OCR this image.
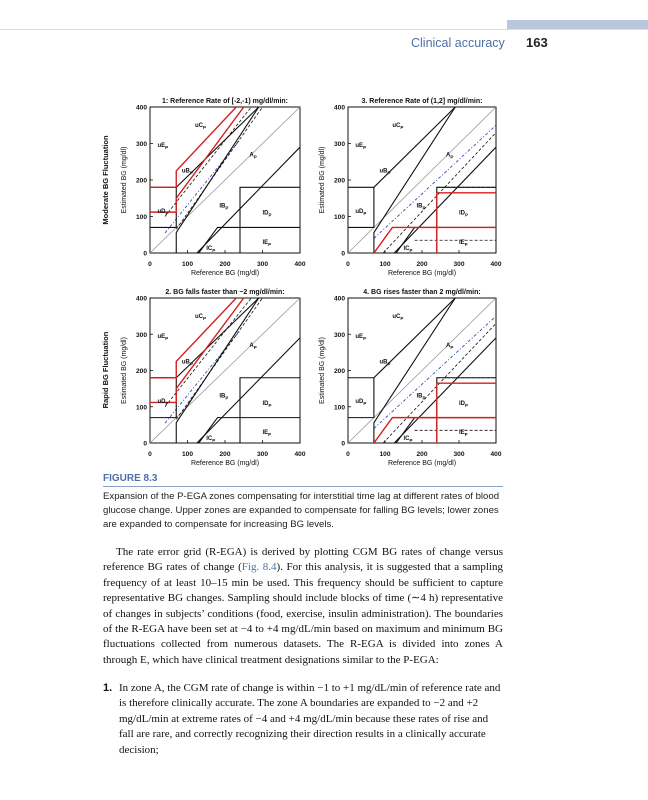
Clinical accuracy 163
1: Reference Rate of [-2,-1) mg/dl/min:
0	100	200	300	400
0
100
200
300
400
Reference BG (mg/dl)
Estimated BG (mg/dl)
$uC_P$
$uE_P$
$uB_P$
$uD_P$
$A_P$
$lB_P$
$lD_P$
$lE_P$
$lC_P$
3. Reference Rate of (1,2] mg/dl/min:
0	100	200	300	400
0
100
200
300
400
Reference BG (mg/dl)
Estimated BG (mg/dl)
$uC_P$
$uE_P$
$uB_P$
$uD_P$
$A_P$
$lB_P$
$lD_P$
$lE_P$
$lC_P$
2. BG falls faster than −2 mg/dl/min:
0	100	200	300	400
0
100
200
300
400
Reference BG (mg/dl)
Estimated BG (mg/dl)
$uC_P$
$uE_P$
$uB_P$
$uD_P$
$A_P$
$lB_P$
$lD_P$
$lE_P$
$lC_P$
4. BG rises faster than 2 mg/dl/min:
0	100	200	300	400
0
100
200
300
400
Reference BG (mg/dl)
Estimated BG (mg/dl)
$uC_P$
$uE_P$
$uB_P$
$uD_P$
$A_P$
$lB_P$
$lD_P$
$lE_P$
$lC_P$
Moderate BG Fluctuation
Rapid BG Fluctuation
FIGURE 8.3
Expansion of the P-EGA zones compensating for interstitial time lag at different rates of blood glucose change. Upper zones are expanded to compensate for falling BG levels; lower zones are expanded to compensate for increasing BG levels.
The rate error grid (R-EGA) is derived by plotting CGM BG rates of change versus reference BG rates of change (Fig. 8.4). For this analysis, it is suggested that a sampling frequency of at least 10–15 min be used. This frequency should be sufficient to capture representative BG changes. Sampling should include blocks of time (∼4 h) representative of changes in subjects’ conditions (food, exercise, insulin administration). The boundaries of the R-EGA have been set at −4 to +4 mg/dL/min based on maximum and minimum BG fluctuations collected from numerous datasets. The R-EGA is divided into zones A through E, which have clinical treatment designations similar to the P-EGA:
1. In zone A, the CGM rate of change is within −1 to +1 mg/dL/min of reference rate and is therefore clinically accurate. The zone A boundaries are expanded to −2 and +2 mg/dL/min at extreme rates of −4 and +4 mg/dL/min because these rates of rise and fall are rare, and correctly recognizing their direction results in a clinically accurate decision;
